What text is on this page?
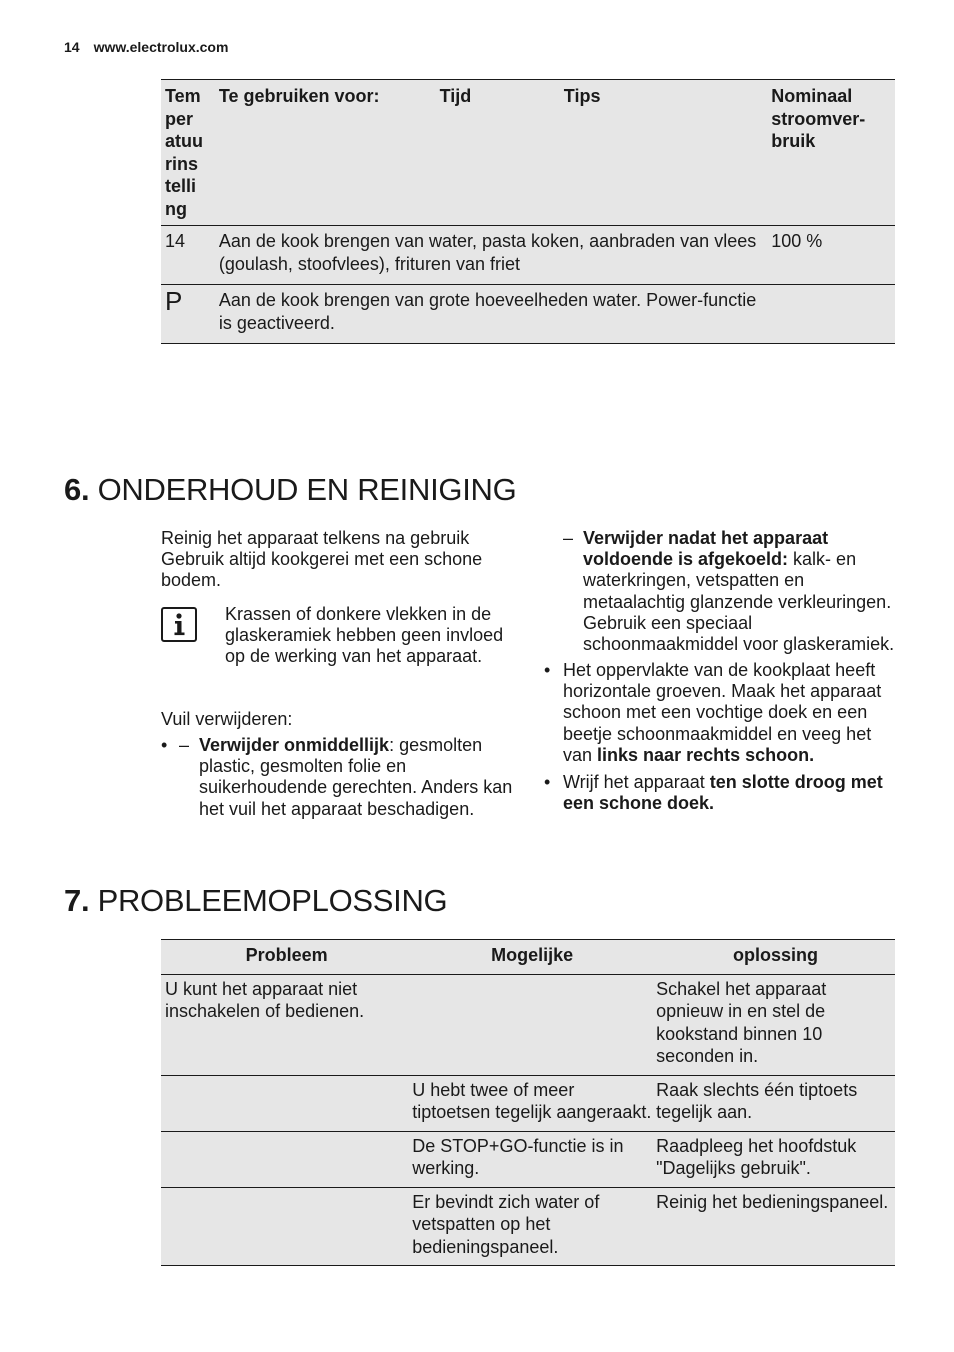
14 www.electrolux.com
Temperatuurinstelling	Te gebruiken voor:	Tijd	Tips	Nominaal stroomver-bruik
14	Aan de kook brengen van water, pasta koken, aanbraden van vlees (goulash, stoofvlees), frituren van friet			100 %
P	Aan de kook brengen van grote hoeveelheden water. Power-functie is geactiveerd.			
6. ONDERHOUD EN REINIGING
Reinig het apparaat telkens na gebruik Gebruik altijd kookgerei met een schone bodem.
Krassen of donkere vlekken in de glaskeramiek hebben geen invloed op de werking van het apparaat.
Vuil verwijderen:
• – Verwijder onmiddellijk: gesmolten plastic, gesmolten folie en suikerhoudende gerechten. Anders kan het vuil het apparaat beschadigen.
– Verwijder nadat het apparaat voldoende is afgekoeld: kalk- en waterkringen, vetspatten en metaalachtig glanzende verkleuringen. Gebruik een speciaal schoonmaakmiddel voor glaskeramiek.
• Het oppervlakte van de kookplaat heeft horizontale groeven. Maak het apparaat schoon met een vochtige doek en een beetje schoonmaakmiddel en veeg het van links naar rechts schoon.
• Wrijf het apparaat ten slotte droog met een schone doek.
7. PROBLEEMOPLOSSING
Probleem	Mogelijke	oplossing
U kunt het apparaat niet inschakelen of bedienen.		Schakel het apparaat opnieuw in en stel de kookstand binnen 10 seconden in.
	U hebt twee of meer tiptoetsen tegelijk aangeraakt.	Raak slechts één tiptoets tegelijk aan.
	De STOP+GO-functie is in werking.	Raadpleeg het hoofdstuk "Dagelijks gebruik".
	Er bevindt zich water of vetspatten op het bedieningspaneel.	Reinig het bedieningspaneel.
